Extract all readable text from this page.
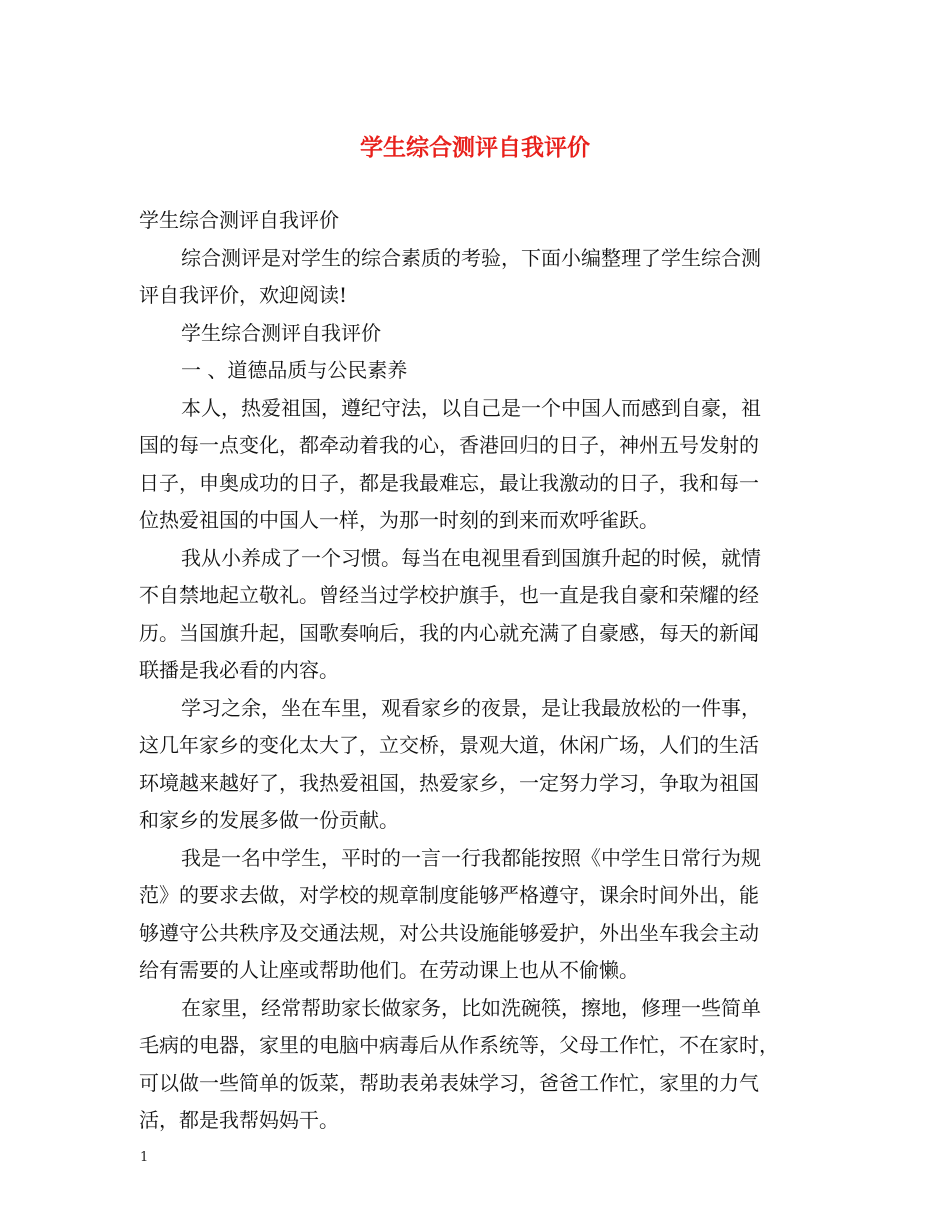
学生综合测评自我评价

学生综合测评自我评价

综合测评是对学生的综合素质的考验，下面小编整理了学生综合测

评自我评价，欢迎阅读!

学生综合测评自我评价

一 、道德品质与公民素养

本人，热爱祖国，遵纪守法，以自己是一个中国人而感到自豪，祖

国的每一点变化，都牵动着我的心，香港回归的日子，神州五号发射的

日子，申奥成功的日子，都是我最难忘，最让我激动的日子，我和每一

位热爱祖国的中国人一样，为那一时刻的到来而欢呼雀跃。

我从小养成了一个习惯。每当在电视里看到国旗升起的时候，就情

不自禁地起立敬礼。曾经当过学校护旗手，也一直是我自豪和荣耀的经

历。当国旗升起，国歌奏响后，我的内心就充满了自豪感，每天的新闻

联播是我必看的内容。

学习之余，坐在车里，观看家乡的夜景，是让我最放松的一件事，

这几年家乡的变化太大了，立交桥，景观大道，休闲广场，人们的生活

环境越来越好了，我热爱祖国，热爱家乡，一定努力学习，争取为祖国

和家乡的发展多做一份贡献。

我是一名中学生，平时的一言一行我都能按照《中学生日常行为规

范》的要求去做，对学校的规章制度能够严格遵守，课余时间外出，能

够遵守公共秩序及交通法规，对公共设施能够爱护，外出坐车我会主动

给有需要的人让座或帮助他们。在劳动课上也从不偷懒。

在家里，经常帮助家长做家务，比如洗碗筷，擦地，修理一些简单

毛病的电器，家里的电脑中病毒后从作系统等，父母工作忙，不在家时，

可以做一些简单的饭菜，帮助表弟表妹学习，爸爸工作忙，家里的力气

活，都是我帮妈妈干。

1
